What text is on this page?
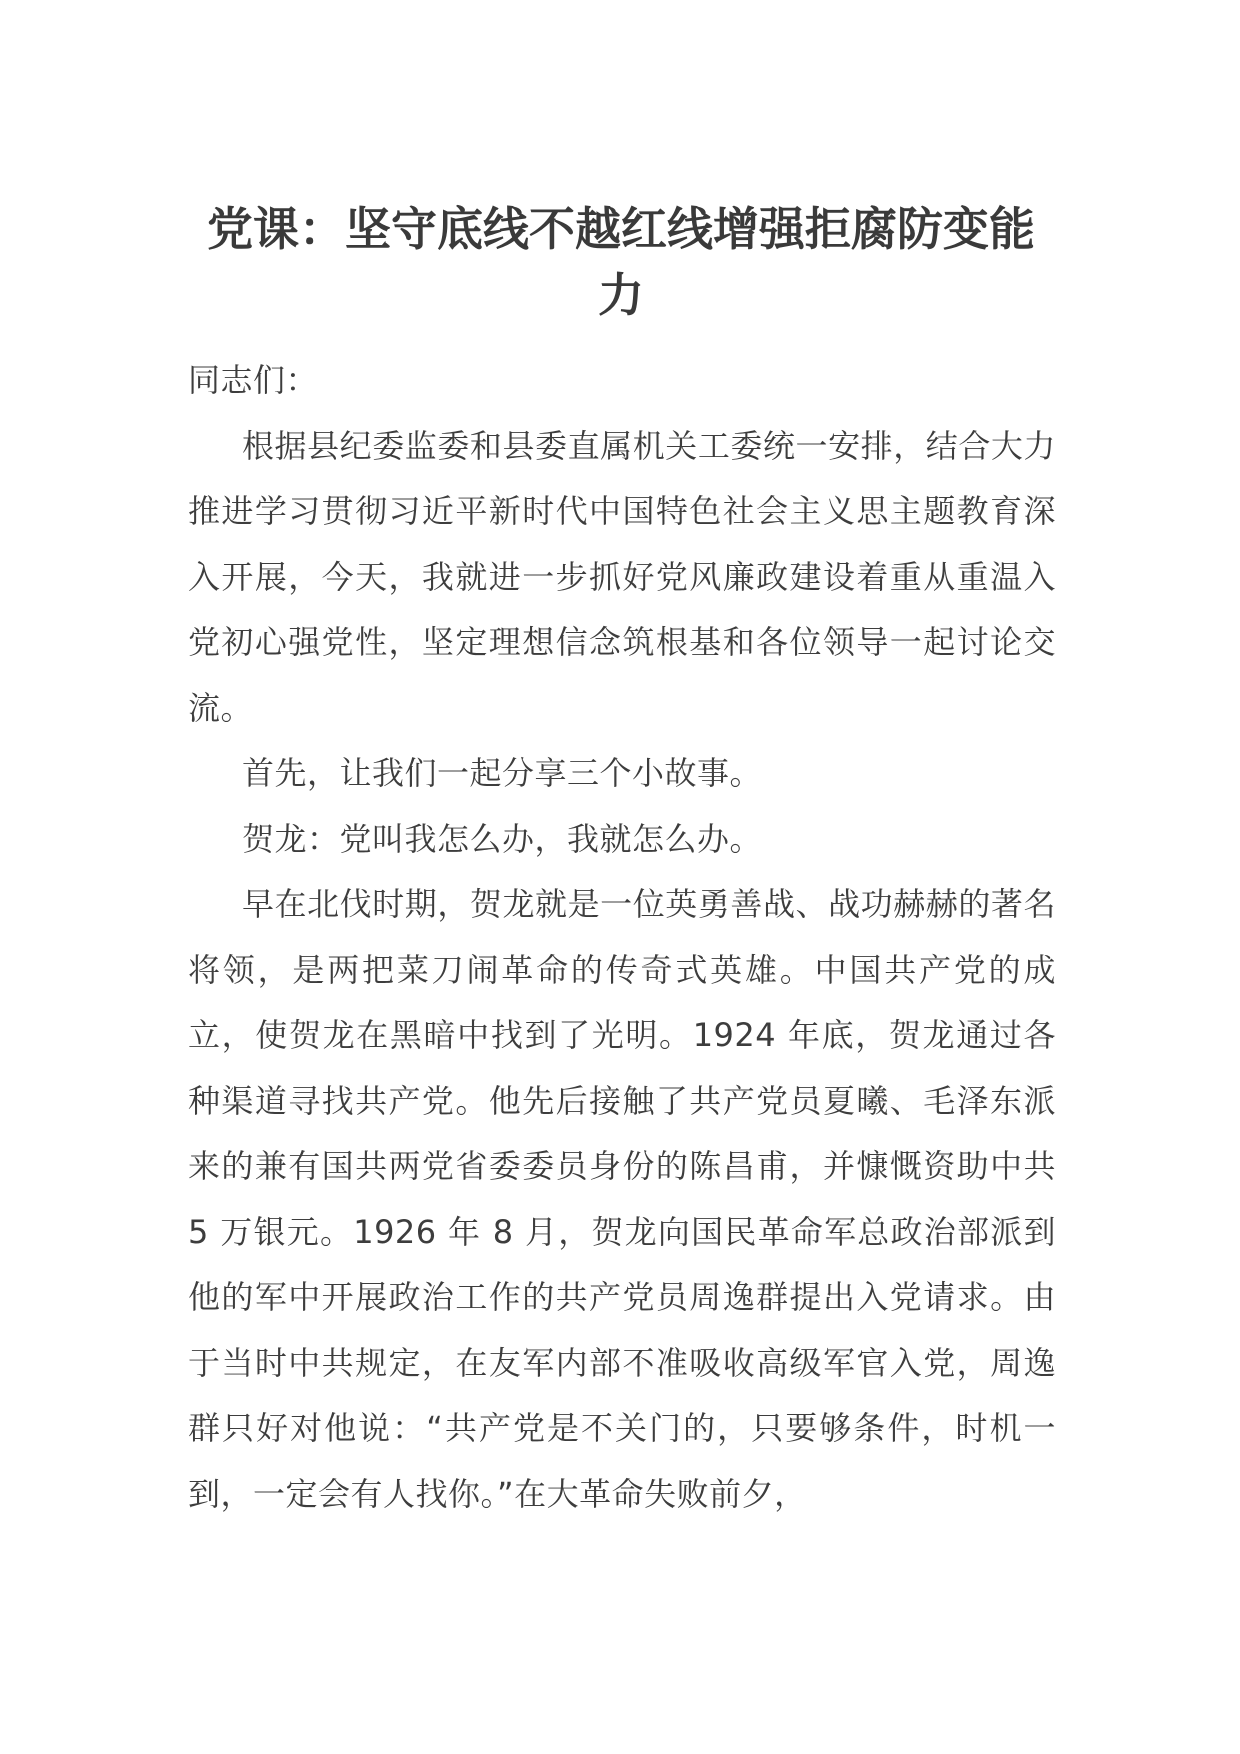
党课：坚守底线不越红线增强拒腐防变能力

同志们：

根据县纪委监委和县委直属机关工委统一安排，结合大力推进学习贯彻习近平新时代中国特色社会主义思主题教育深入开展，今天，我就进一步抓好党风廉政建设着重从重温入党初心强党性，坚定理想信念筑根基和各位领导一起讨论交流。

首先，让我们一起分享三个小故事。

贺龙：党叫我怎么办，我就怎么办。

早在北伐时期，贺龙就是一位英勇善战、战功赫赫的著名将领，是两把菜刀闹革命的传奇式英雄。中国共产党的成立，使贺龙在黑暗中找到了光明。1924 年底，贺龙通过各种渠道寻找共产党。他先后接触了共产党员夏曦、毛泽东派来的兼有国共两党省委委员身份的陈昌甫，并慷慨资助中共 5 万银元。1926 年 8 月，贺龙向国民革命军总政治部派到他的军中开展政治工作的共产党员周逸群提出入党请求。由于当时中共规定，在友军内部不准吸收高级军官入党，周逸群只好对他说：“共产党是不关门的，只要够条件，时机一到，一定会有人找你。”在大革命失败前夕，
